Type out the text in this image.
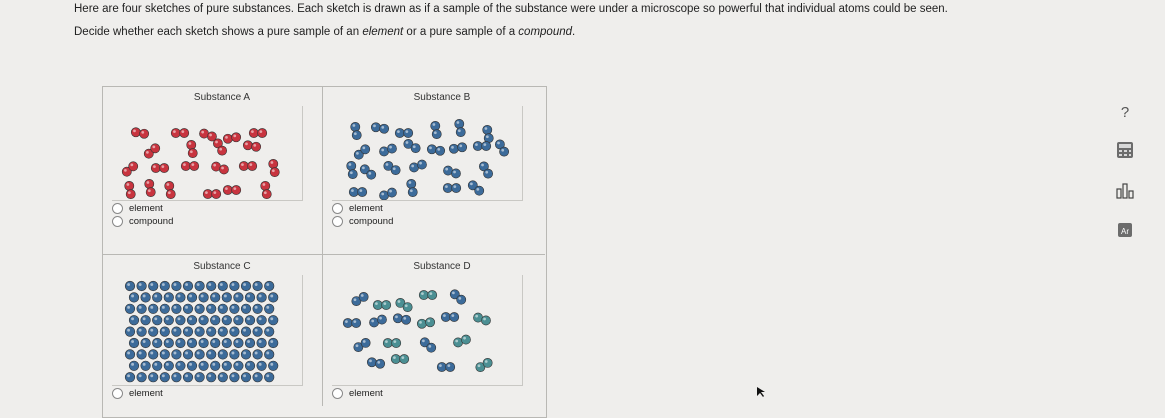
Here are four sketches of pure substances. Each sketch is drawn as if a sample of the substance were under a microscope so powerful that individual atoms could be seen.

Decide whether each sketch shows a pure sample of an element or a pure sample of a compound.

Substance A
element
compound
Substance B
element
compound
Substance C
element
Substance D
element
?
Ar
